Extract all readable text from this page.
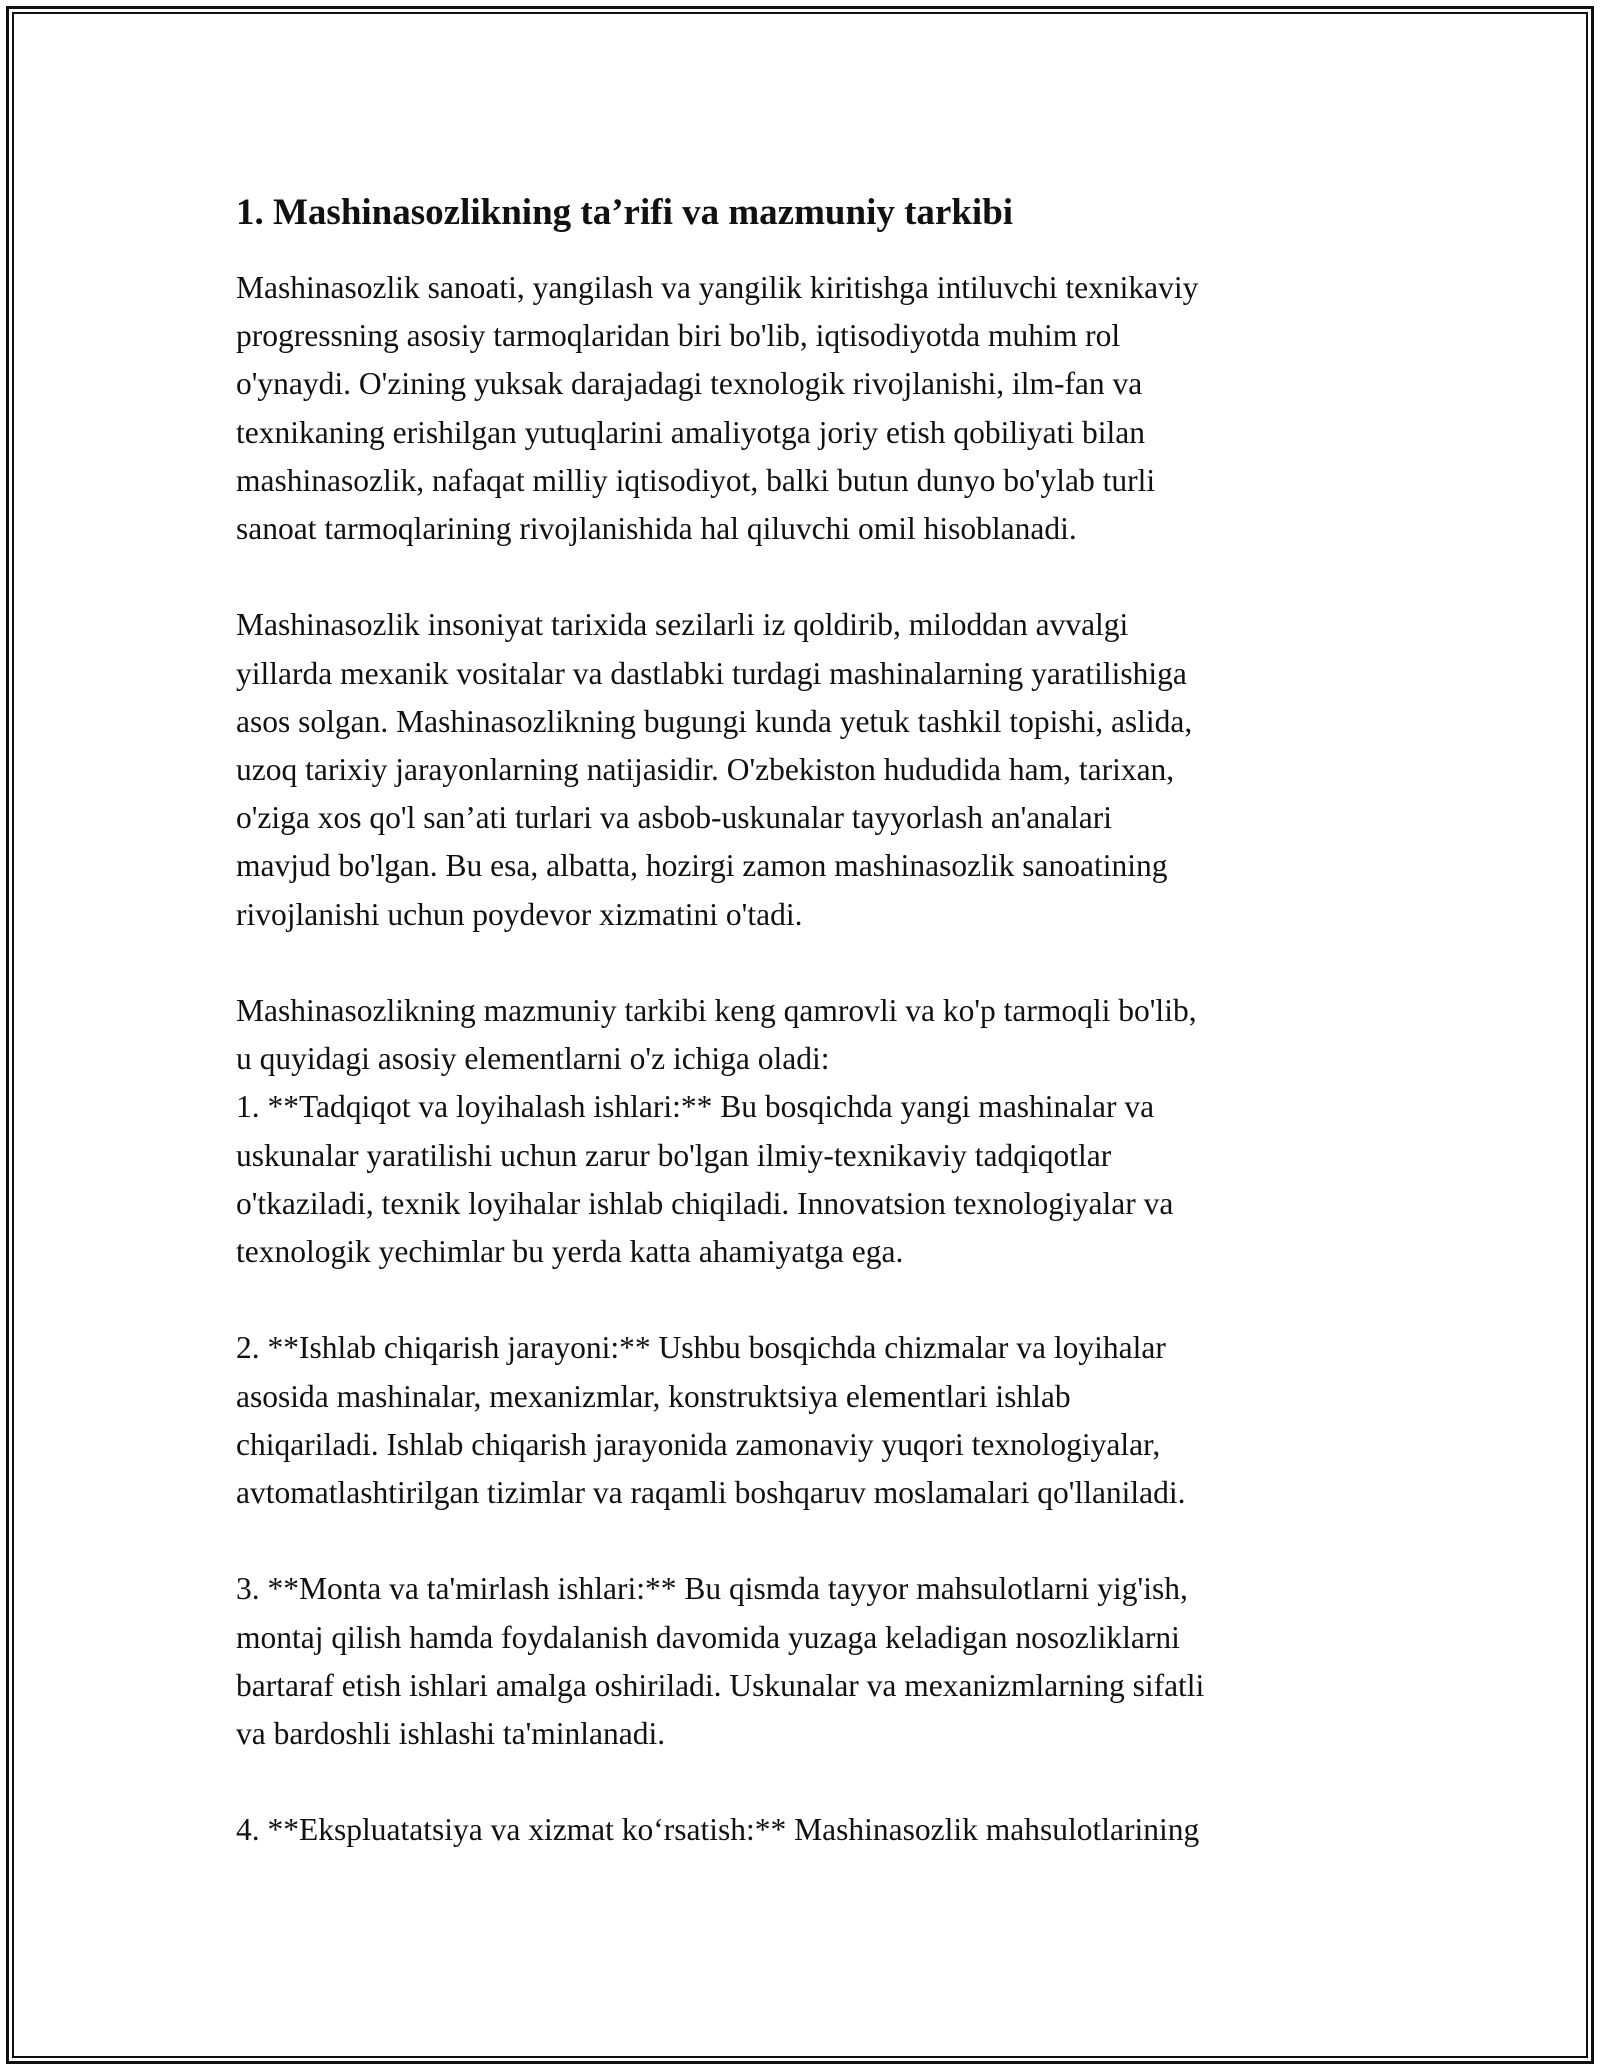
1. Mashinasozlikning ta’rifi va mazmuniy tarkibi

Mashinasozlik sanoati, yangilash va yangilik kiritishga intiluvchi texnikaviy
progressning asosiy tarmoqlaridan biri bo'lib, iqtisodiyotda muhim rol
o'ynaydi. O'zining yuksak darajadagi texnologik rivojlanishi, ilm-fan va
texnikaning erishilgan yutuqlarini amaliyotga joriy etish qobiliyati bilan
mashinasozlik, nafaqat milliy iqtisodiyot, balki butun dunyo bo'ylab turli
sanoat tarmoqlarining rivojlanishida hal qiluvchi omil hisoblanadi.

Mashinasozlik insoniyat tarixida sezilarli iz qoldirib, miloddan avvalgi
yillarda mexanik vositalar va dastlabki turdagi mashinalarning yaratilishiga
asos solgan. Mashinasozlikning bugungi kunda yetuk tashkil topishi, aslida,
uzoq tarixiy jarayonlarning natijasidir. O'zbekiston hududida ham, tarixan,
o'ziga xos qo'l san’ati turlari va asbob-uskunalar tayyorlash an'analari
mavjud bo'lgan. Bu esa, albatta, hozirgi zamon mashinasozlik sanoatining
rivojlanishi uchun poydevor xizmatini o'tadi.

Mashinasozlikning mazmuniy tarkibi keng qamrovli va ko'p tarmoqli bo'lib,
u quyidagi asosiy elementlarni o'z ichiga oladi:
1. **Tadqiqot va loyihalash ishlari:** Bu bosqichda yangi mashinalar va
uskunalar yaratilishi uchun zarur bo'lgan ilmiy-texnikaviy tadqiqotlar
o'tkaziladi, texnik loyihalar ishlab chiqiladi. Innovatsion texnologiyalar va
texnologik yechimlar bu yerda katta ahamiyatga ega.

2. **Ishlab chiqarish jarayoni:** Ushbu bosqichda chizmalar va loyihalar
asosida mashinalar, mexanizmlar, konstruktsiya elementlari ishlab
chiqariladi. Ishlab chiqarish jarayonida zamonaviy yuqori texnologiyalar,
avtomatlashtirilgan tizimlar va raqamli boshqaruv moslamalari qo'llaniladi.

3. **Monta va ta'mirlash ishlari:** Bu qismda tayyor mahsulotlarni yig'ish,
montaj qilish hamda foydalanish davomida yuzaga keladigan nosozliklarni
bartaraf etish ishlari amalga oshiriladi. Uskunalar va mexanizmlarning sifatli
va bardoshli ishlashi ta'minlanadi.

4. **Ekspluatatsiya va xizmat ko‘rsatish:** Mashinasozlik mahsulotlarining
